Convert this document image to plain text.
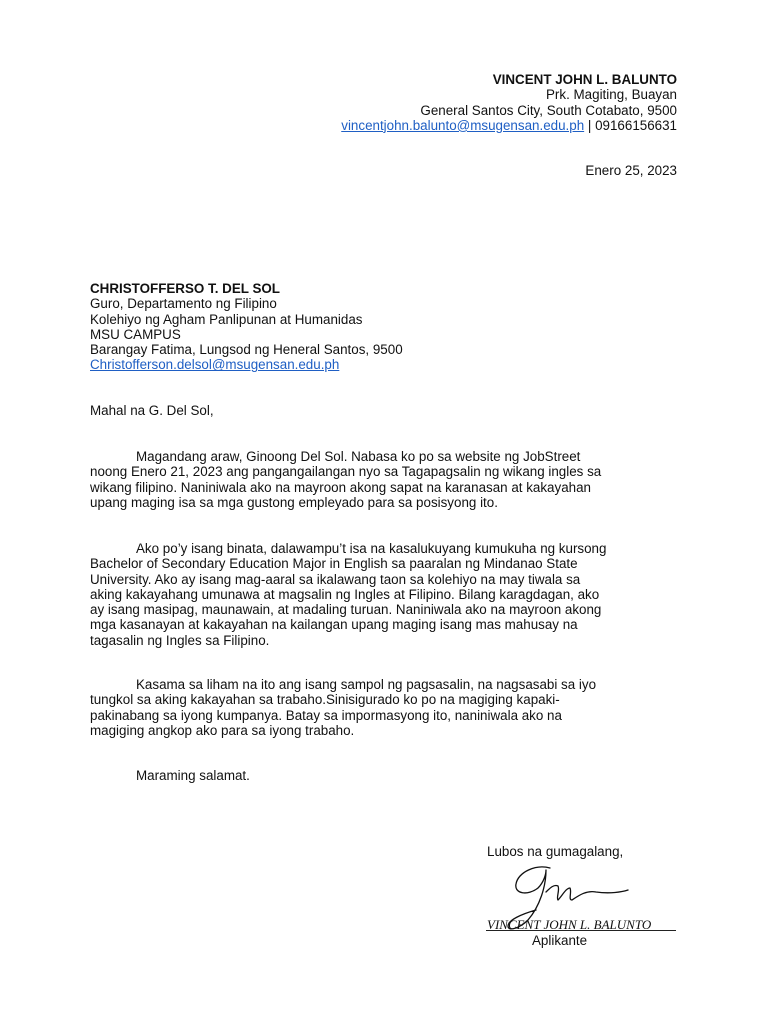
VINCENT JOHN L. BALUNTO
Prk. Magiting, Buayan
General Santos City, South Cotabato, 9500
vincentjohn.balunto@msugensan.edu.ph | 09166156631
Enero 25, 2023
CHRISTOFFERSO T. DEL SOL
Guro, Departamento ng Filipino
Kolehiyo ng Agham Panlipunan at Humanidas
MSU CAMPUS
Barangay Fatima, Lungsod ng Heneral Santos, 9500
Christofferson.delsol@msugensan.edu.ph
Mahal na G. Del Sol,
Magandang araw, Ginoong Del Sol. Nabasa ko po sa website ng JobStreet
noong Enero 21, 2023 ang pangangailangan nyo sa Tagapagsalin ng wikang ingles sa
wikang filipino. Naniniwala ako na mayroon akong sapat na karanasan at kakayahan
upang maging isa sa mga gustong empleyado para sa posisyong ito.
Ako po’y isang binata, dalawampu’t isa na kasalukuyang kumukuha ng kursong
Bachelor of Secondary Education Major in English sa paaralan ng Mindanao State
University. Ako ay isang mag-aaral sa ikalawang taon sa kolehiyo na may tiwala sa
aking kakayahang umunawa at magsalin ng Ingles at Filipino. Bilang karagdagan, ako
ay isang masipag, maunawain, at madaling turuan. Naniniwala ako na mayroon akong
mga kasanayan at kakayahan na kailangan upang maging isang mas mahusay na
tagasalin ng Ingles sa Filipino.
Kasama sa liham na ito ang isang sampol ng pagsasalin, na nagsasabi sa iyo
tungkol sa aking kakayahan sa trabaho.Sinisigurado ko po na magiging kapaki-
pakinabang sa iyong kumpanya. Batay sa impormasyong ito, naniniwala ako na
magiging angkop ako para sa iyong trabaho.
Maraming salamat.
Lubos na gumagalang,
VINCENT JOHN L. BALUNTO
Aplikante
